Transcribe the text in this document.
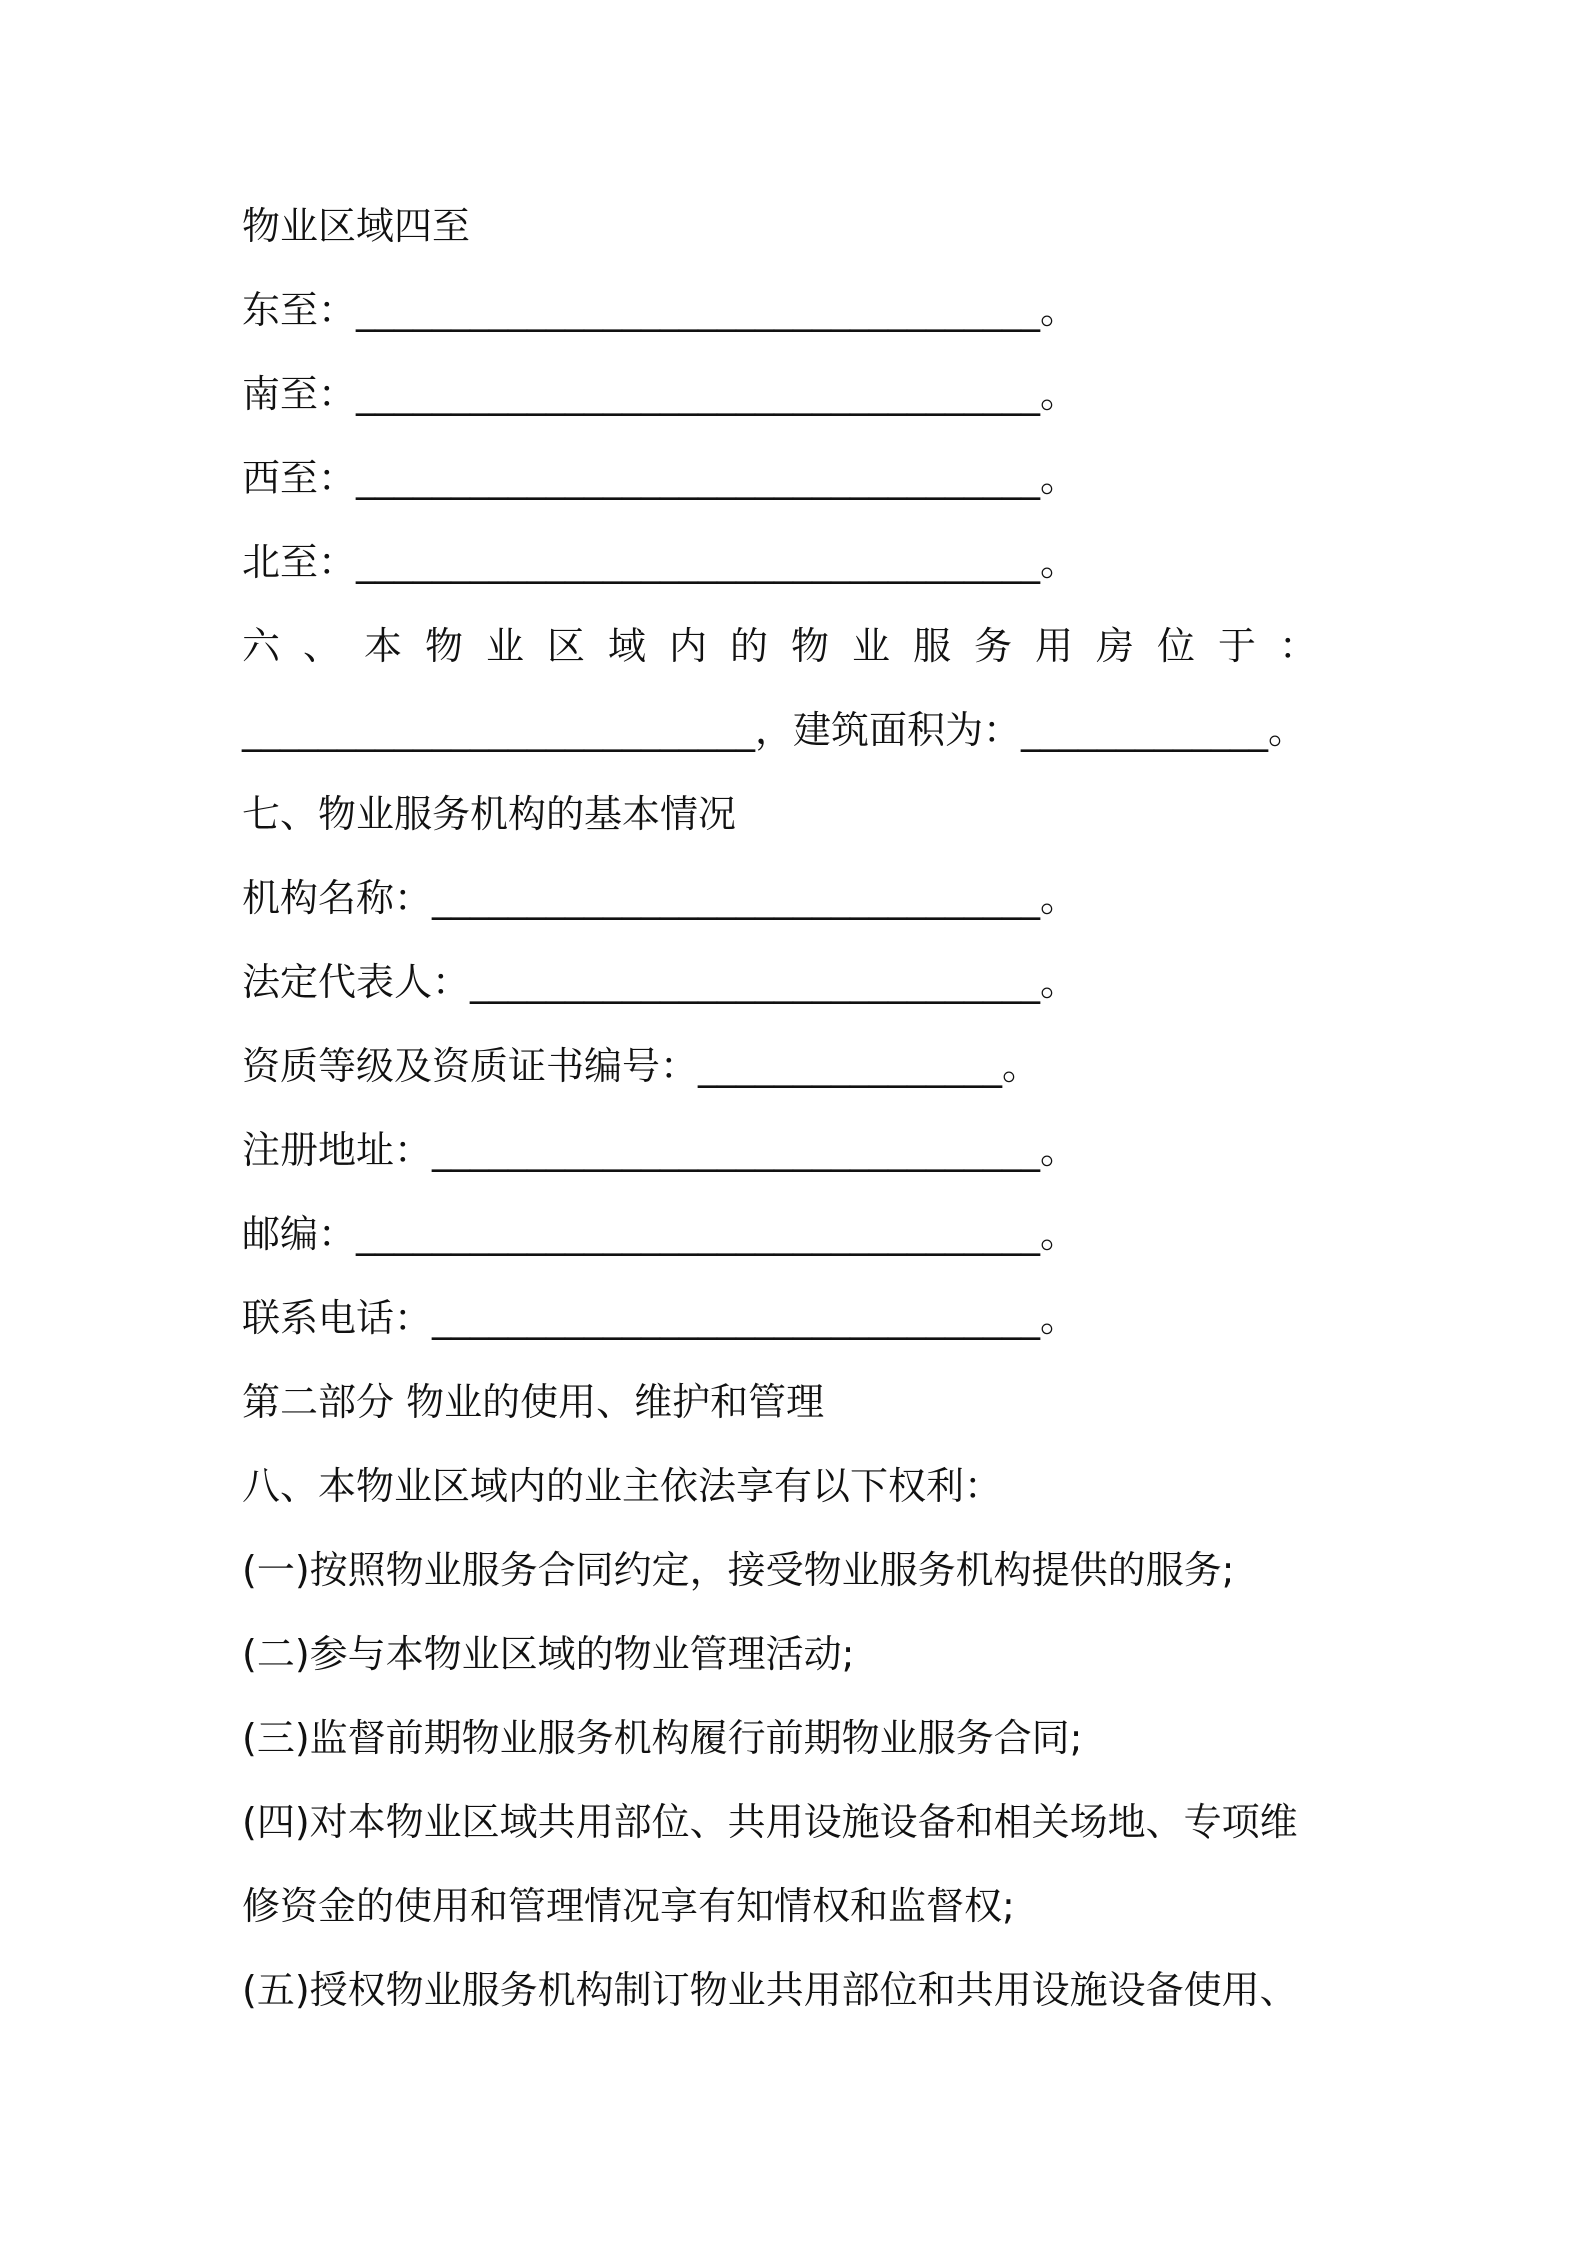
物业区域四至
东至：____________________________________。
南至：____________________________________。
西至：____________________________________。
北至：____________________________________。
六、本物业区域内的物业服务用房位于：
___________________________，建筑面积为：_____________。
七、物业服务机构的基本情况
机构名称：________________________________。
法定代表人：______________________________。
资质等级及资质证书编号：________________。
注册地址：________________________________。
邮编：____________________________________。
联系电话：________________________________。
第二部分 物业的使用、维护和管理
八、本物业区域内的业主依法享有以下权利：
(一)按照物业服务合同约定，接受物业服务机构提供的服务;
(二)参与本物业区域的物业管理活动;
(三)监督前期物业服务机构履行前期物业服务合同;
(四)对本物业区域共用部位、共用设施设备和相关场地、专项维
修资金的使用和管理情况享有知情权和监督权;
(五)授权物业服务机构制订物业共用部位和共用设施设备使用、
